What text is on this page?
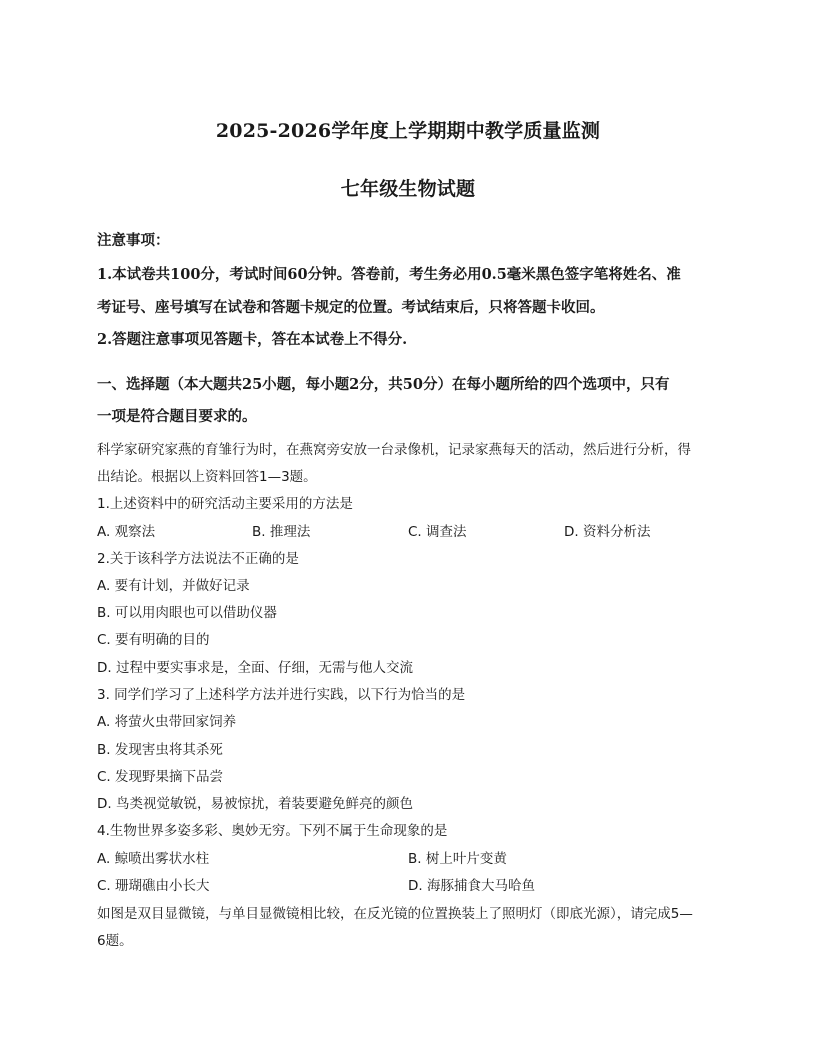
2025-2026学年度上学期期中教学质量监测
七年级生物试题
注意事项：
1.本试卷共100分，考试时间60分钟。答卷前，考生务必用0.5毫米黑色签字笔将姓名、准
考证号、座号填写在试卷和答题卡规定的位置。考试结束后，只将答题卡收回。
2.答题注意事项见答题卡，答在本试卷上不得分.
一、选择题（本大题共25小题，每小题2分，共50分）在每小题所给的四个选项中，只有
一项是符合题目要求的。
科学家研究家燕的育雏行为时，在燕窝旁安放一台录像机，记录家燕每天的活动，然后进行分析，得
出结论。根据以上资料回答1—3题。
1.上述资料中的研究活动主要采用的方法是
A. 观察法	B. 推理法	C. 调查法	D. 资料分析法
2.关于该科学方法说法不正确的是
A. 要有计划，并做好记录
B. 可以用肉眼也可以借助仪器
C. 要有明确的目的
D. 过程中要实事求是，全面、仔细，无需与他人交流
3. 同学们学习了上述科学方法并进行实践，以下行为恰当的是
A. 将萤火虫带回家饲养
B. 发现害虫将其杀死
C. 发现野果摘下品尝
D. 鸟类视觉敏锐，易被惊扰，着装要避免鲜亮的颜色
4.生物世界多姿多彩、奥妙无穷。下列不属于生命现象的是
A. 鲸喷出雾状水柱	B. 树上叶片变黄
C. 珊瑚礁由小长大	D. 海豚捕食大马哈鱼
如图是双目显微镜，与单目显微镜相比较，在反光镜的位置换装上了照明灯（即底光源），请完成5—
6题。
